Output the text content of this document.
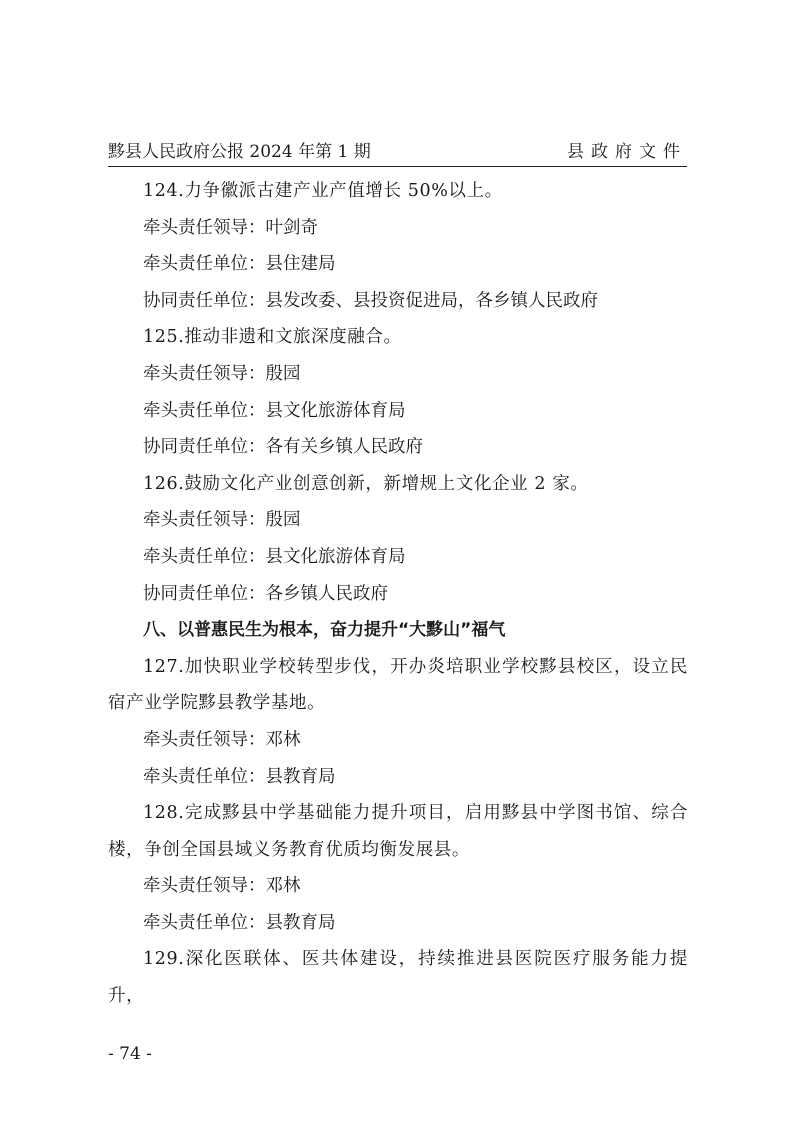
黟县人民政府公报 2024 年第 1 期	县政府文件
124.力争徽派古建产业产值增长 50%以上。
牵头责任领导：叶剑奇
牵头责任单位：县住建局
协同责任单位：县发改委、县投资促进局，各乡镇人民政府
125.推动非遗和文旅深度融合。
牵头责任领导：殷园
牵头责任单位：县文化旅游体育局
协同责任单位：各有关乡镇人民政府
126.鼓励文化产业创意创新，新增规上文化企业 2 家。
牵头责任领导：殷园
牵头责任单位：县文化旅游体育局
协同责任单位：各乡镇人民政府
八、以普惠民生为根本，奋力提升“大黟山”福气
127.加快职业学校转型步伐，开办炎培职业学校黟县校区，设立民宿产业学院黟县教学基地。
牵头责任领导：邓林
牵头责任单位：县教育局
128.完成黟县中学基础能力提升项目，启用黟县中学图书馆、综合楼，争创全国县域义务教育优质均衡发展县。
牵头责任领导：邓林
牵头责任单位：县教育局
129.深化医联体、医共体建设，持续推进县医院医疗服务能力提升，
- 74 -
